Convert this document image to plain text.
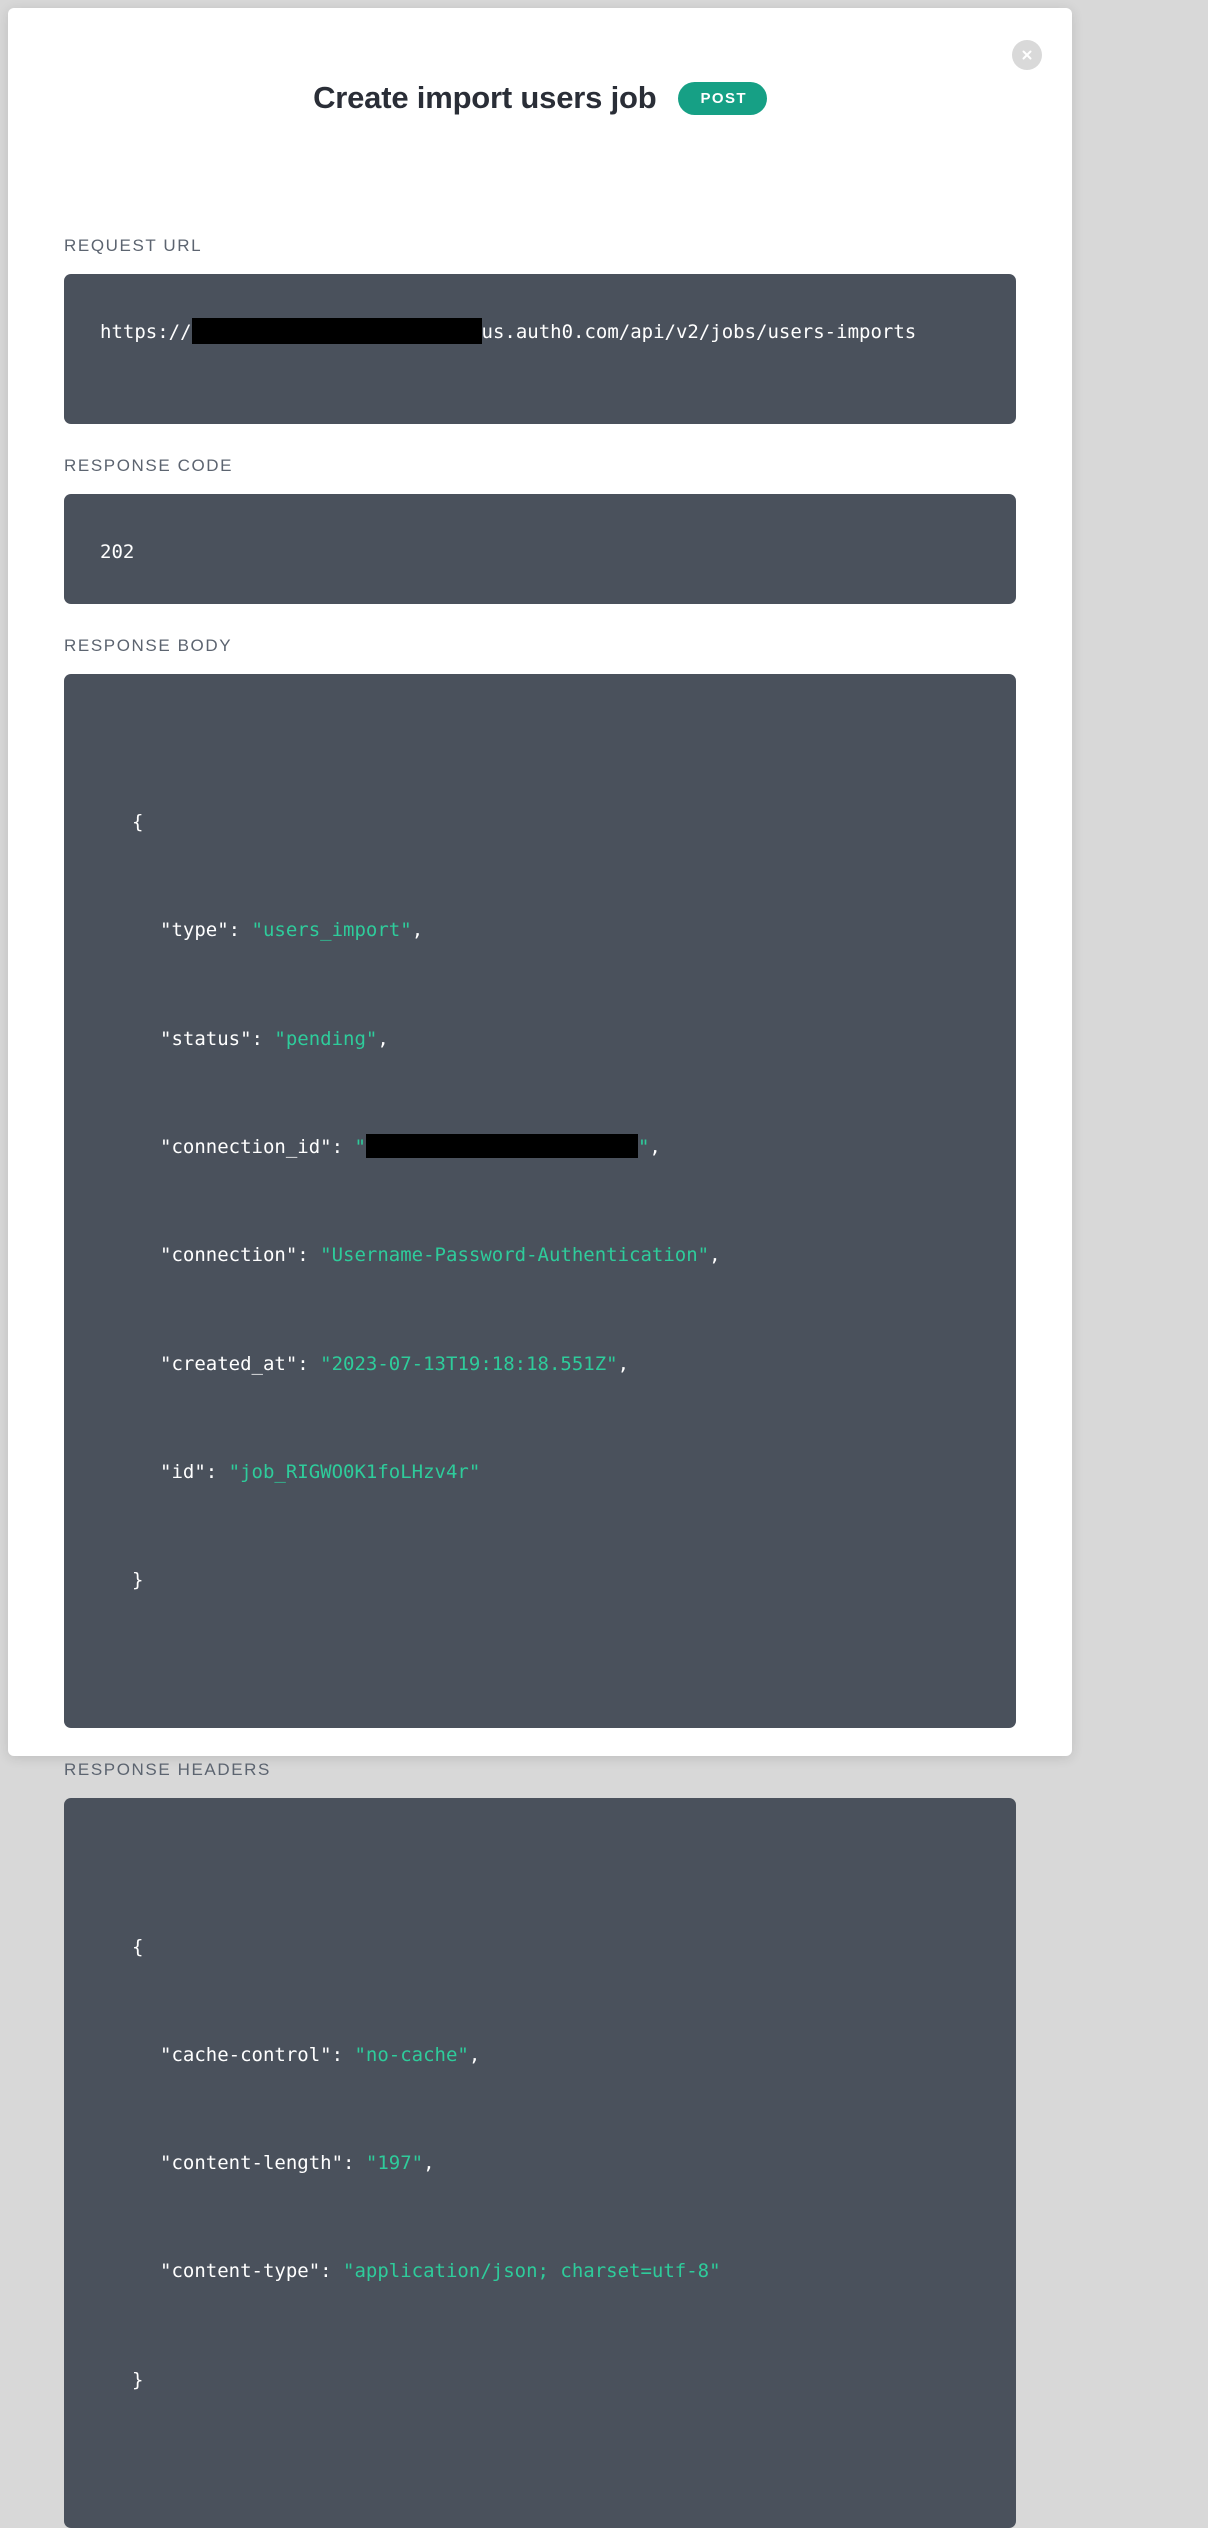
Create import users job	POST
REQUEST URL
https://	us.auth0.com/api/v2/jobs/users-imports
RESPONSE CODE
202
RESPONSE BODY

{

"type": "users_import",

"status": "pending",

"connection_id": "	",

"connection": "Username-Password-Authentication",

"created_at": "2023-07-13T19:18:18.551Z",

"id": "job_RIGWO0K1foLHzv4r"

}

RESPONSE HEADERS

{

"cache-control": "no-cache",

"content-length": "197",

"content-type": "application/json; charset=utf-8"

}
